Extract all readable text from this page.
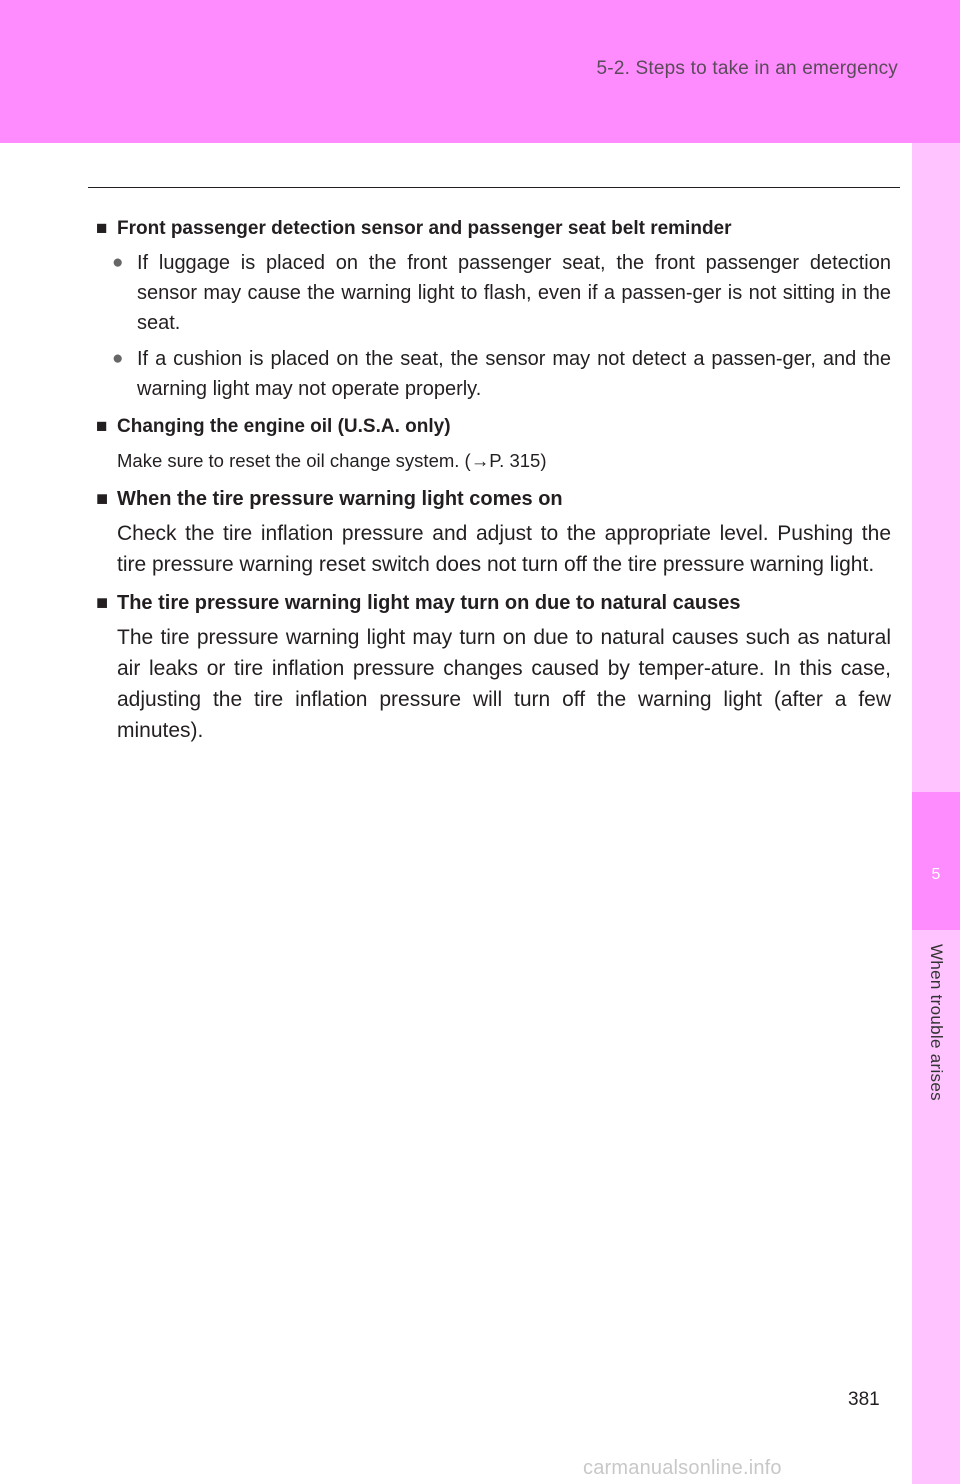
5-2. Steps to take in an emergency
5
When trouble arises
■ Front passenger detection sensor and passenger seat belt reminder
● If luggage is placed on the front passenger seat, the front passenger detection sensor may cause the warning light to flash, even if a passen-ger is not sitting in the seat.
● If a cushion is placed on the seat, the sensor may not detect a passen-ger, and the warning light may not operate properly.
■ Changing the engine oil (U.S.A. only)
Make sure to reset the oil change system. (→P. 315)
■ When the tire pressure warning light comes on
Check the tire inflation pressure and adjust to the appropriate level. Pushing the tire pressure warning reset switch does not turn off the tire pressure warning light.
■ The tire pressure warning light may turn on due to natural causes
The tire pressure warning light may turn on due to natural causes such as natural air leaks or tire inflation pressure changes caused by temper-ature. In this case, adjusting the tire inflation pressure will turn off the warning light (after a few minutes).
381
carmanualsonline.info
